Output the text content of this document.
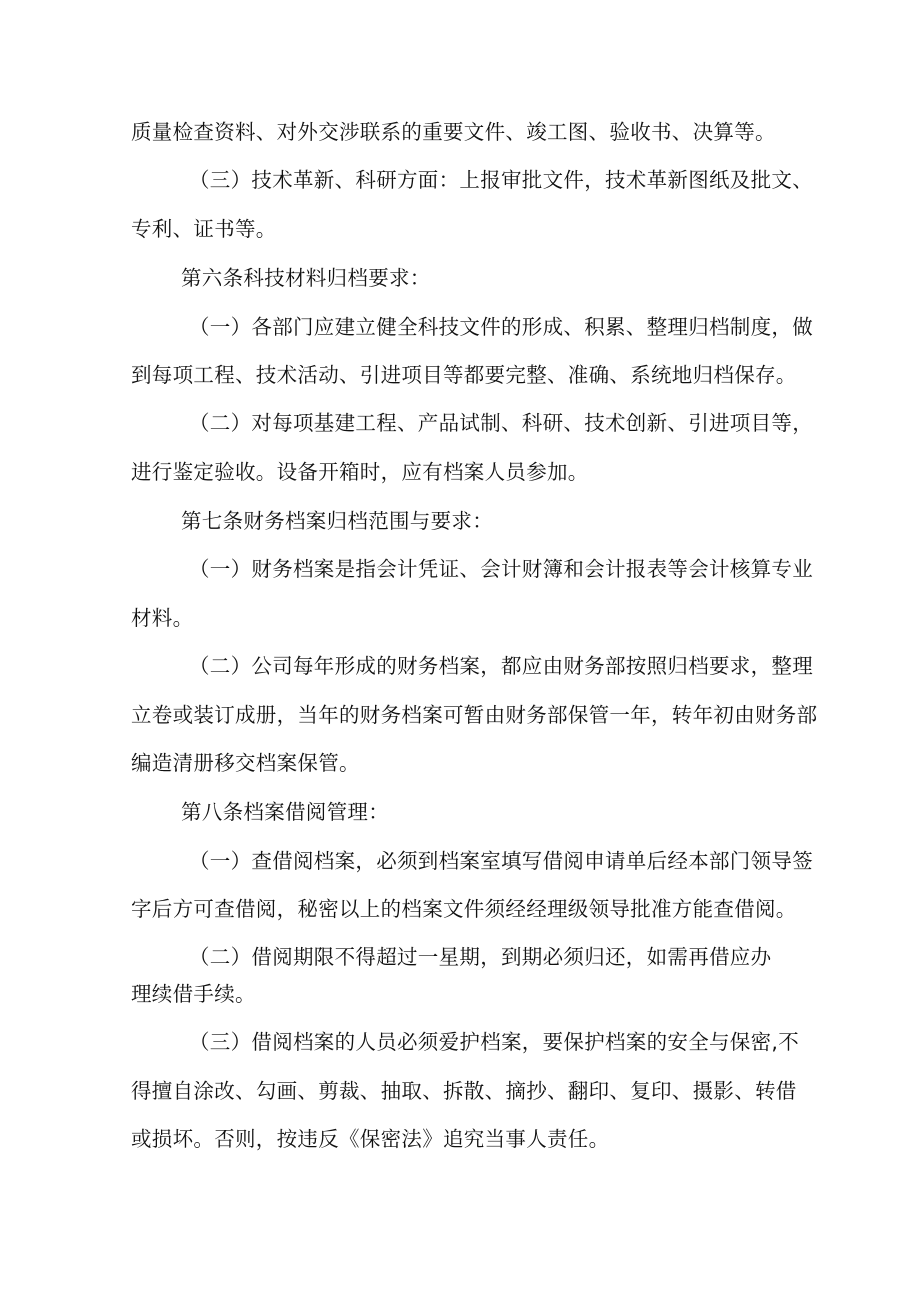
质量检查资料、对外交涉联系的重要文件、竣工图、验收书、决算等。
（三）技术革新、科研方面：上报审批文件，技术革新图纸及批文、
专利、证书等。
第六条科技材料归档要求：
（一）各部门应建立健全科技文件的形成、积累、整理归档制度，做
到每项工程、技术活动、引进项目等都要完整、准确、系统地归档保存。
（二）对每项基建工程、产品试制、科研、技术创新、引进项目等，
进行鉴定验收。设备开箱时，应有档案人员参加。
第七条财务档案归档范围与要求：
（一）财务档案是指会计凭证、会计财簿和会计报表等会计核算专业
材料。
（二）公司每年形成的财务档案，都应由财务部按照归档要求，整理
立卷或装订成册，当年的财务档案可暂由财务部保管一年，转年初由财务部
编造清册移交档案保管。
第八条档案借阅管理：
（一）查借阅档案，必须到档案室填写借阅申请单后经本部门领导签
字后方可查借阅，秘密以上的档案文件须经经理级领导批准方能查借阅。
（二）借阅期限不得超过一星期，到期必须归还，如需再借应办
理续借手续。
（三）借阅档案的人员必须爱护档案，要保护档案的安全与保密,不
得擅自涂改、勾画、剪裁、抽取、拆散、摘抄、翻印、复印、摄影、转借
或损坏。否则，按违反《保密法》追究当事人责任。
